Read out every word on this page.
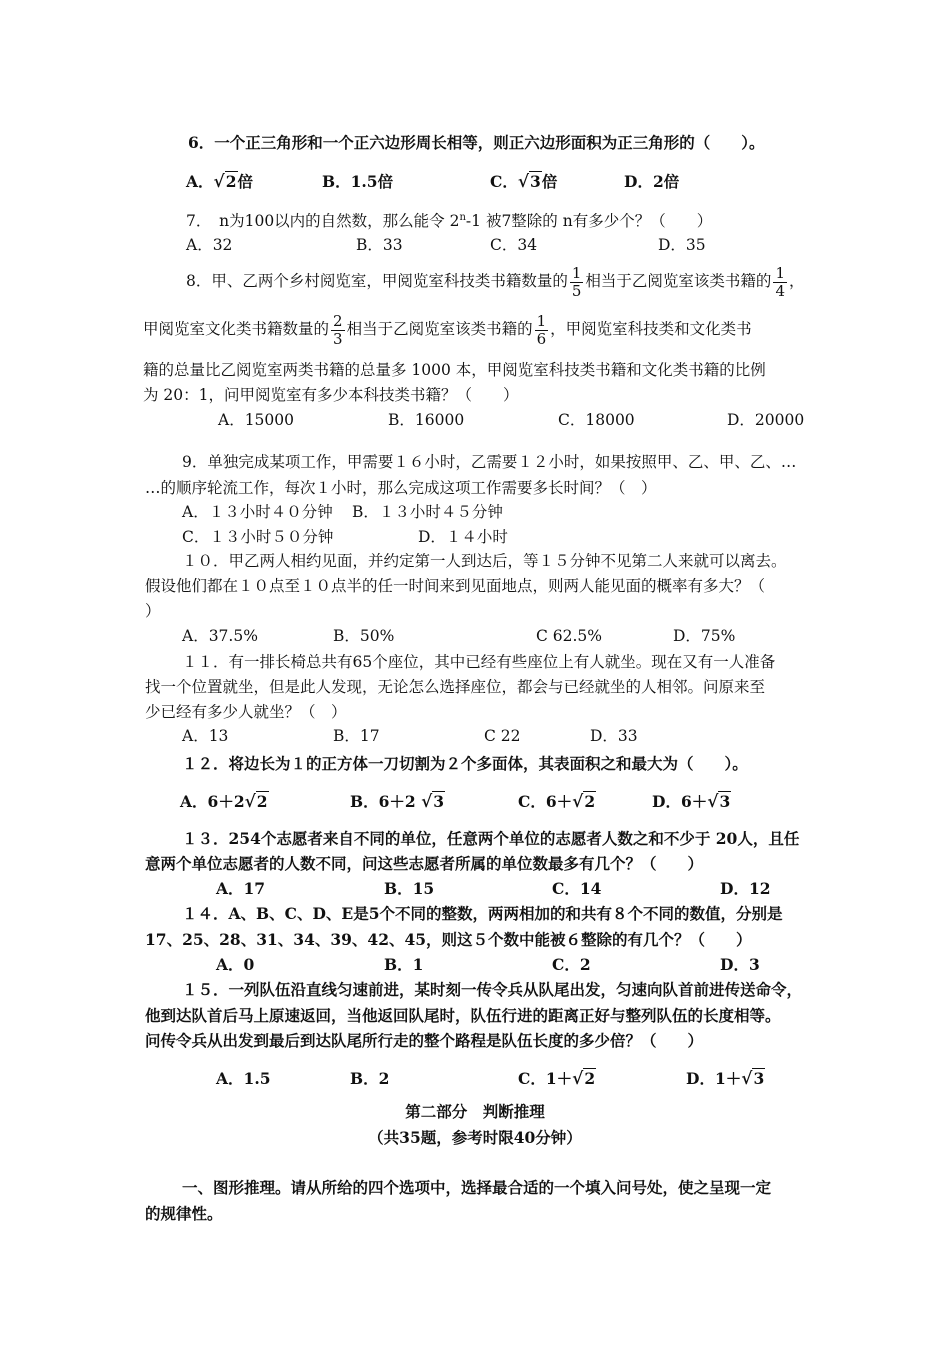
6．一个正三角形和一个正六边形周长相等，则正六边形面积为正三角形的（　　）。
A．√2倍	B．1.5倍	C．√3倍	D．2倍
7．　n为100以内的自然数，那么能令 2$^n$-1 被7整除的 n有多少个？（　　）
A．32	B．33	C．34	D．35
8．甲、乙两个乡村阅览室，甲阅览室科技类书籍数量的 $\frac{1}{5}$ 相当于乙阅览室该类书籍的 $\frac{1}{4}$ ，
甲阅览室文化类书籍数量的 $\frac{2}{3}$ 相当于乙阅览室该类书籍的 $\frac{1}{6}$ ，甲阅览室科技类和文化类书
籍的总量比乙阅览室两类书籍的总量多 1000 本，甲阅览室科技类书籍和文化类书籍的比例
为 20：1，问甲阅览室有多少本科技类书籍？（　　）
A．15000	B．16000	C．18000	D．20000
9．单独完成某项工作，甲需要１６小时，乙需要１２小时，如果按照甲、乙、甲、乙、…
…的顺序轮流工作，每次１小时，那么完成这项工作需要多长时间？（　）
A．１３小时４０分钟 B．１３小时４５分钟
C．１３小时５０分钟	D．１４小时
１０．甲乙两人相约见面，并约定第一人到达后，等１５分钟不见第二人来就可以离去。
假设他们都在１０点至１０点半的任一时间来到见面地点，则两人能见面的概率有多大？（
）
A．37.5%	B．50%	C 62.5%	D．75%
１１．有一排长椅总共有65个座位，其中已经有些座位上有人就坐。现在又有一人准备
找一个位置就坐，但是此人发现，无论怎么选择座位，都会与已经就坐的人相邻。问原来至
少已经有多少人就坐？（　）
A．13	B．17	C 22	D．33
１２．将边长为１的正方体一刀切割为２个多面体，其表面积之和最大为（　　）。
A．6＋2√2	B．6＋2 √3	C．6＋√2	D．6＋√3
１３．254个志愿者来自不同的单位，任意两个单位的志愿者人数之和不少于 20人，且任
意两个单位志愿者的人数不同，问这些志愿者所属的单位数最多有几个？（　　）
A．17	B．15	C．14	D．12
１４．A、B、C、D、E是5个不同的整数，两两相加的和共有８个不同的数值，分别是
17、25、28、31、34、39、42、45，则这５个数中能被６整除的有几个？（　　）
A．0	B．1	C．2	D．3
１５．一列队伍沿直线匀速前进，某时刻一传令兵从队尾出发，匀速向队首前进传送命令，
他到达队首后马上原速返回，当他返回队尾时，队伍行进的距离正好与整列队伍的长度相等。
问传令兵从出发到最后到达队尾所行走的整个路程是队伍长度的多少倍？（　　）
A．1.5	B．2	C．1＋√2	D．1＋√3
第二部分　判断推理
（共35题，参考时限40分钟）
一、图形推理。请从所给的四个选项中，选择最合适的一个填入问号处，使之呈现一定
的规律性。
